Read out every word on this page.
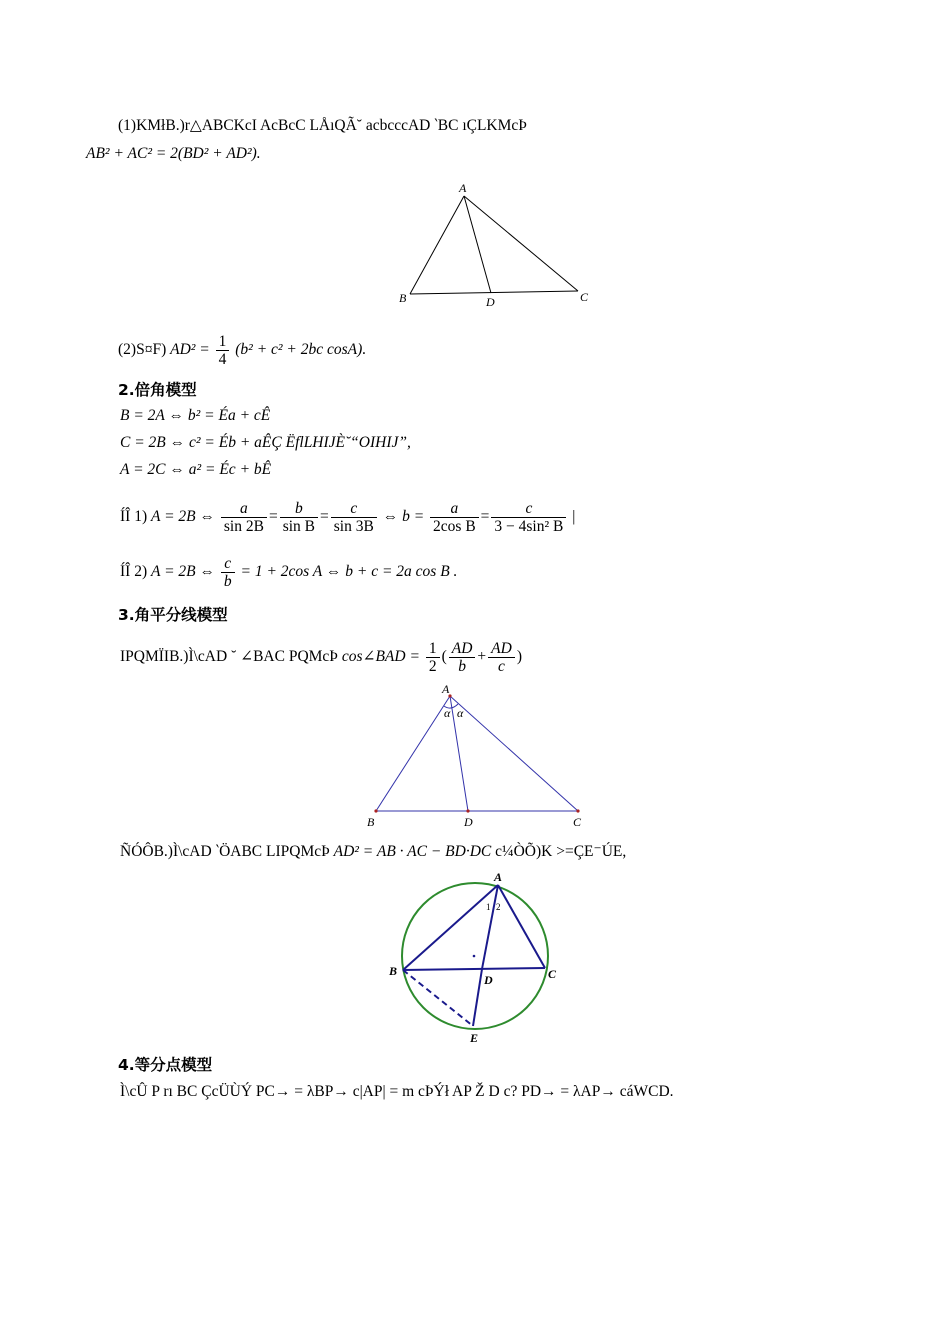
(1)KMłB.)r△ABCKcI AcBcC LÅıQÃ˘ acbcccAD ‵BC ıÇLKMcÞ
AB² + AC² = 2(BD² + AD²).
A
B	D	C
(2)S¤F) $AD^2 = \frac{1}{4} (b^2 + c^2 + 2bc$ cosA).
2.倍角模型
B = 2A ⇔ b² = Éa + cÊ
C = 2B ⇔ c² = Éb + aÊÇ ËflLHIJÈ˘“OIHIJ”,
A = 2C ⇔ a² = Éc + bÊ
ÍÎ 1) A = 2B ⇔ $\frac{a}{\sin 2B} = \frac{b}{\text{sin B}} = \frac{c}{\sin 3B}$ ⇔ $b = \frac{a}{\text{2cos B}} = \frac{c}{\text{3 − 4sin² B}}$ |
ÍÎ 2) A = 2B ⇔ $\frac{c}{b} = 1 + 2\cos$ A ⇔ b + c = 2a cos B .
3.角平分线模型
IPQMÏIB.)Ì\cAD ˘ ∠BAC PQMcÞ cos∠BAD = $\frac{1}{2}$ ( $\frac{AD}{b} + \frac{AD}{c}$ )
A
α α
B	D	C
ÑÓÔB.)Ì\cAD ‵ÖABC LIPQMcÞ AD² = AB · AC − BD·DC c¼ÒÕ)K >=ÇE⁻ÚE,
A
1 2
B
D	C
E
4.等分点模型
Ì\cÛ P rı BC ÇcÜÙÝ PC→ = λBP→ c|AP| = m cÞÝł AP Ž D c? PD→ = λAP→ cáWCD.
